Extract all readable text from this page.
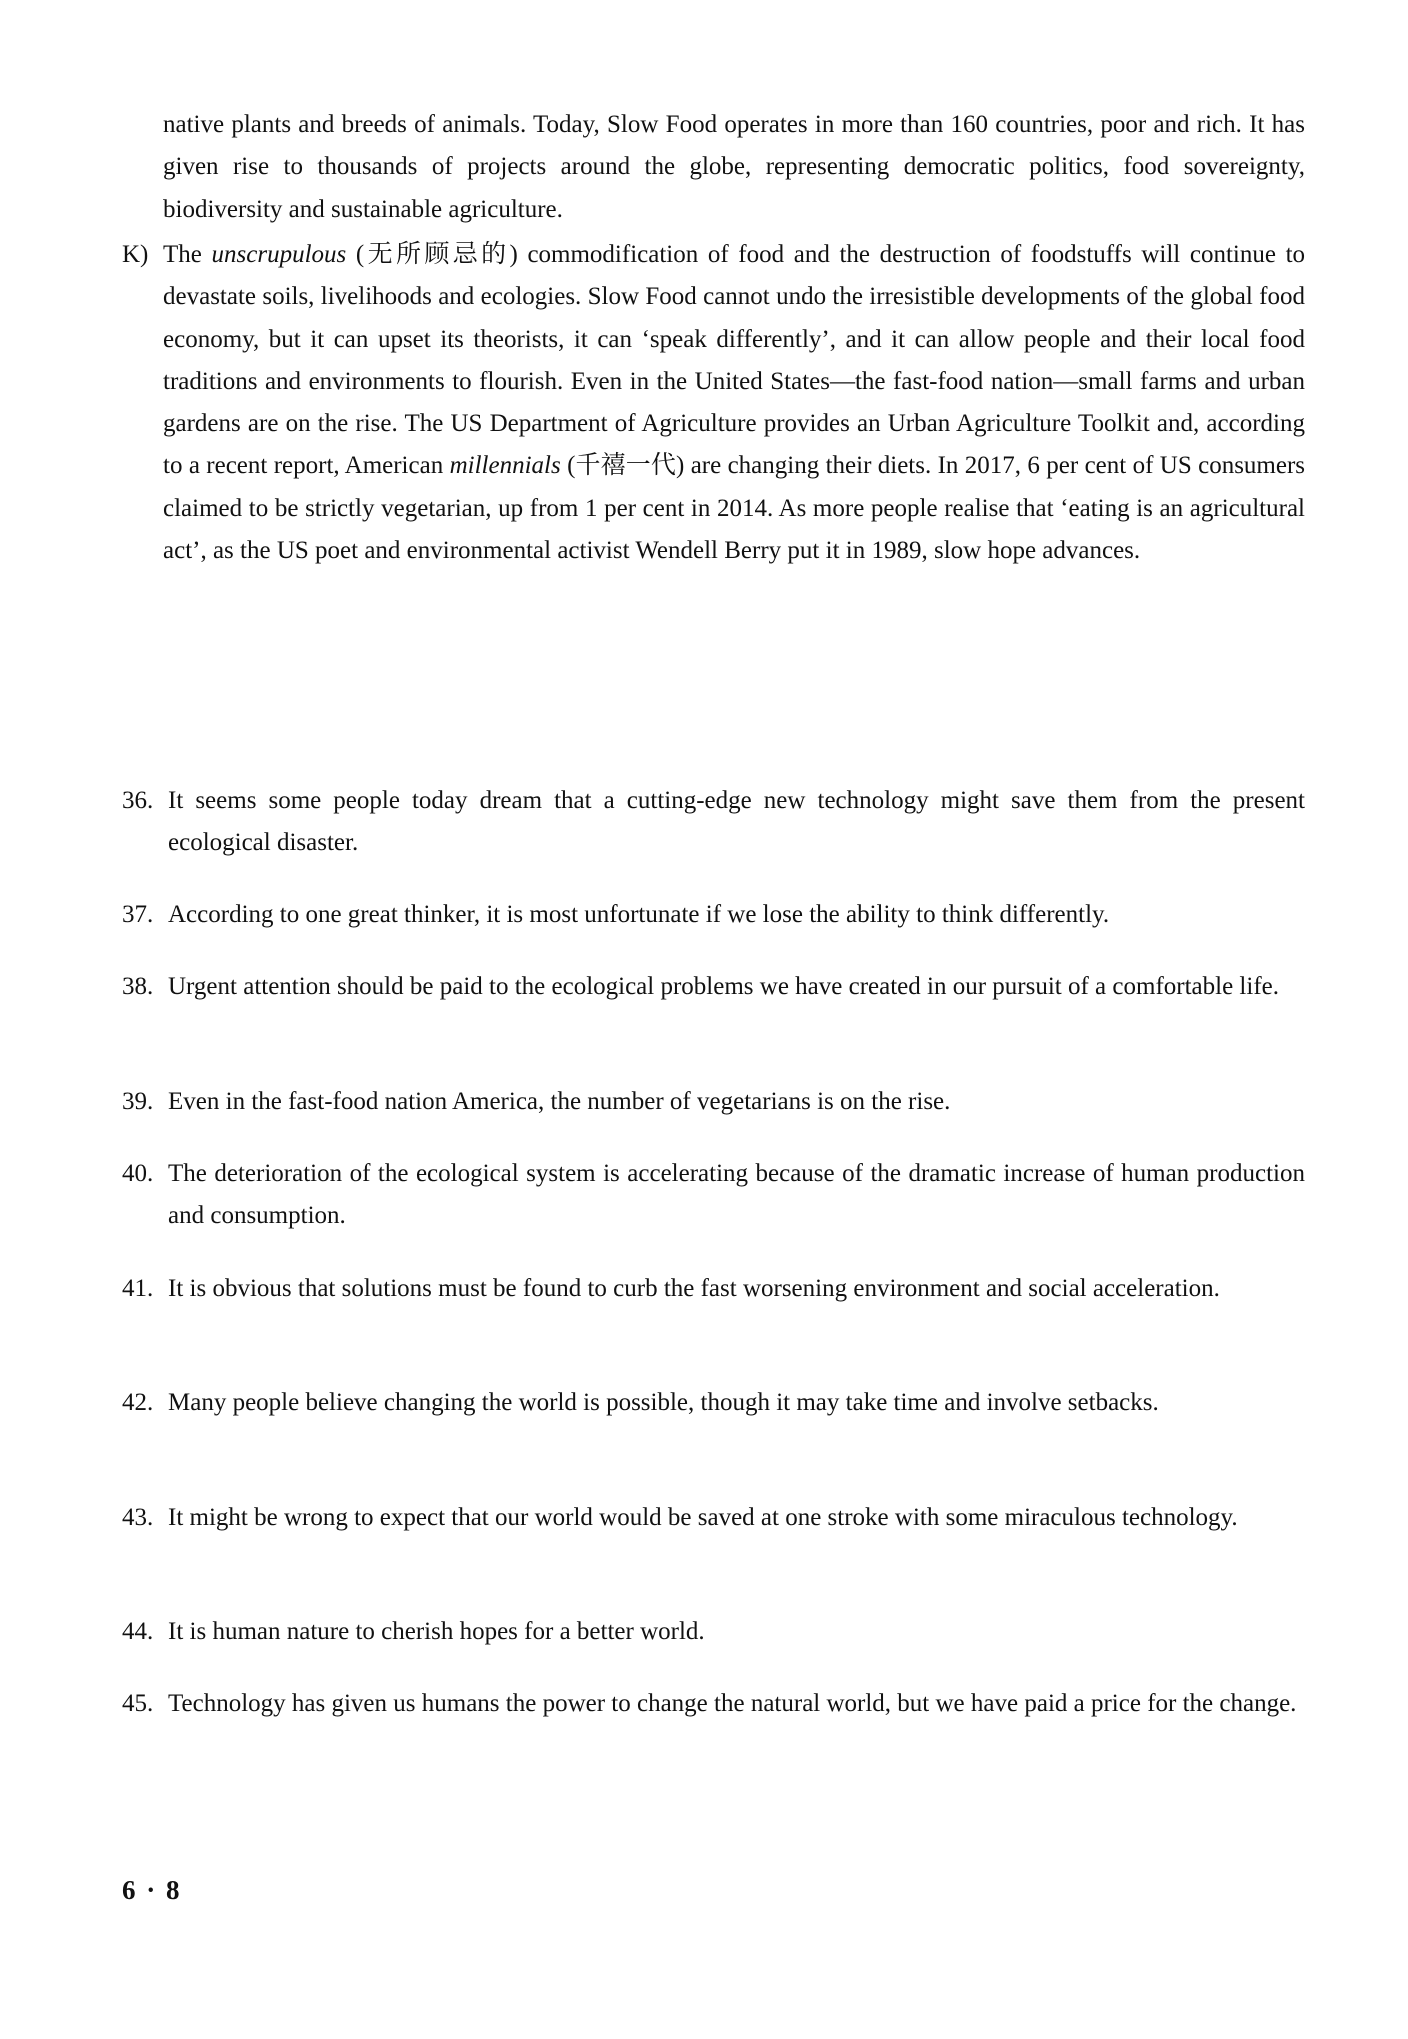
native plants and breeds of animals. Today, Slow Food operates in more than 160 countries, poor and rich. It has given rise to thousands of projects around the globe, representing democratic politics, food sovereignty, biodiversity and sustainable agriculture.

K) The unscrupulous (无所顾忌的) commodification of food and the destruction of foodstuffs will continue to devastate soils, livelihoods and ecologies. Slow Food cannot undo the irresistible developments of the global food economy, but it can upset its theorists, it can ‘speak differently’, and it can allow people and their local food traditions and environments to flourish. Even in the United States—the fast-food nation—small farms and urban gardens are on the rise. The US Department of Agriculture provides an Urban Agriculture Toolkit and, according to a recent report, American millennials (千禧一代) are changing their diets. In 2017, 6 per cent of US consumers claimed to be strictly vegetarian, up from 1 per cent in 2014. As more people realise that ‘eating is an agricultural act’, as the US poet and environmental activist Wendell Berry put it in 1989, slow hope advances.

36. It seems some people today dream that a cutting-edge new technology might save them from the present ecological disaster.

37. According to one great thinker, it is most unfortunate if we lose the ability to think differently.

38. Urgent attention should be paid to the ecological problems we have created in our pursuit of a comfortable life.

39. Even in the fast-food nation America, the number of vegetarians is on the rise.

40. The deterioration of the ecological system is accelerating because of the dramatic increase of human production and consumption.

41. It is obvious that solutions must be found to curb the fast worsening environment and social acceleration.

42. Many people believe changing the world is possible, though it may take time and involve setbacks.

43. It might be wrong to expect that our world would be saved at one stroke with some miraculous technology.

44. It is human nature to cherish hopes for a better world.

45. Technology has given us humans the power to change the natural world, but we have paid a price for the change.

6 · 8
